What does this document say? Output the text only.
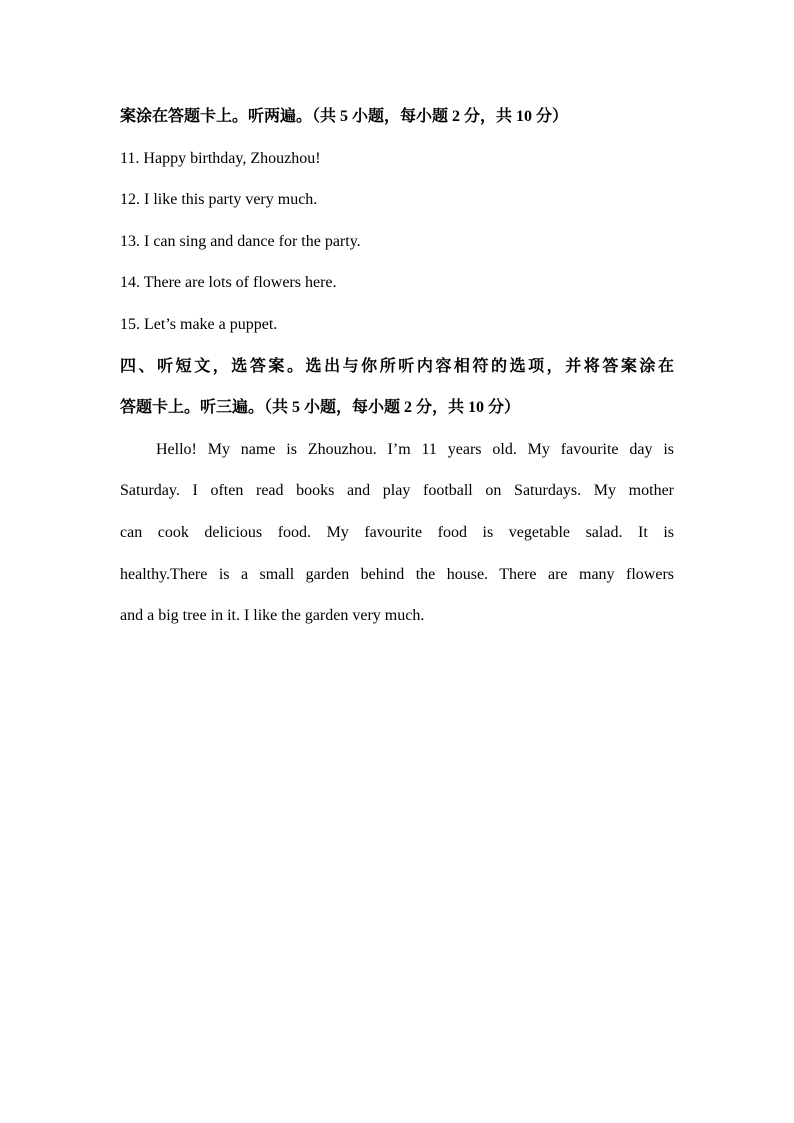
案涂在答题卡上。听两遍。（共 5 小题，每小题 2 分，共 10 分）
11. Happy birthday, Zhouzhou!
12. I like this party very much.
13. I can sing and dance for the party.
14. There are lots of flowers here.
15. Let’s make a puppet.
四、听短文，选答案。选出与你所听内容相符的选项，并将答案涂在
答题卡上。听三遍。（共 5 小题，每小题 2 分，共 10 分）
Hello! My name is Zhouzhou. I’m 11 years old. My favourite day is
Saturday. I often read books and play football on Saturdays. My mother
can cook delicious food. My favourite food is vegetable salad. It is
healthy.There is a small garden behind the house. There are many flowers
and a big tree in it. I like the garden very much.
